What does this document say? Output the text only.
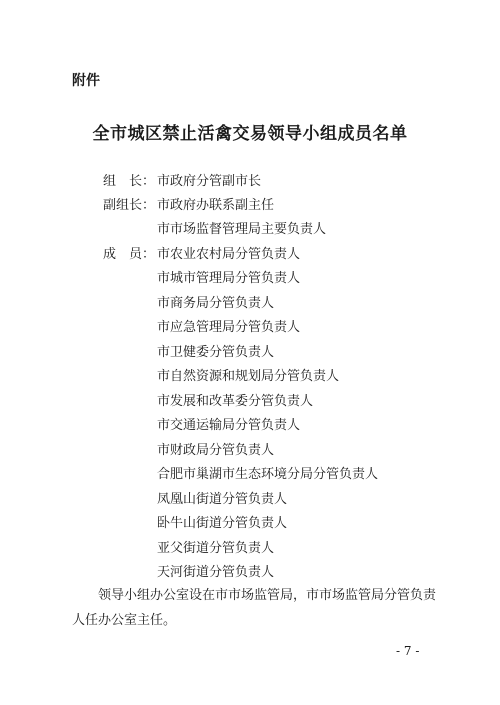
附件
全市城区禁止活禽交易领导小组成员名单
组　长： 市政府分管副市长
副组长： 市政府办联系副主任
市市场监督管理局主要负责人
成　员： 市农业农村局分管负责人
市城市管理局分管负责人
市商务局分管负责人
市应急管理局分管负责人
市卫健委分管负责人
市自然资源和规划局分管负责人
市发展和改革委分管负责人
市交通运输局分管负责人
市财政局分管负责人
合肥市巢湖市生态环境分局分管负责人
凤凰山街道分管负责人
卧牛山街道分管负责人
亚父街道分管负责人
天河街道分管负责人
领导小组办公室设在市市场监管局，市市场监管局分管负责人任办公室主任。
- 7 -
